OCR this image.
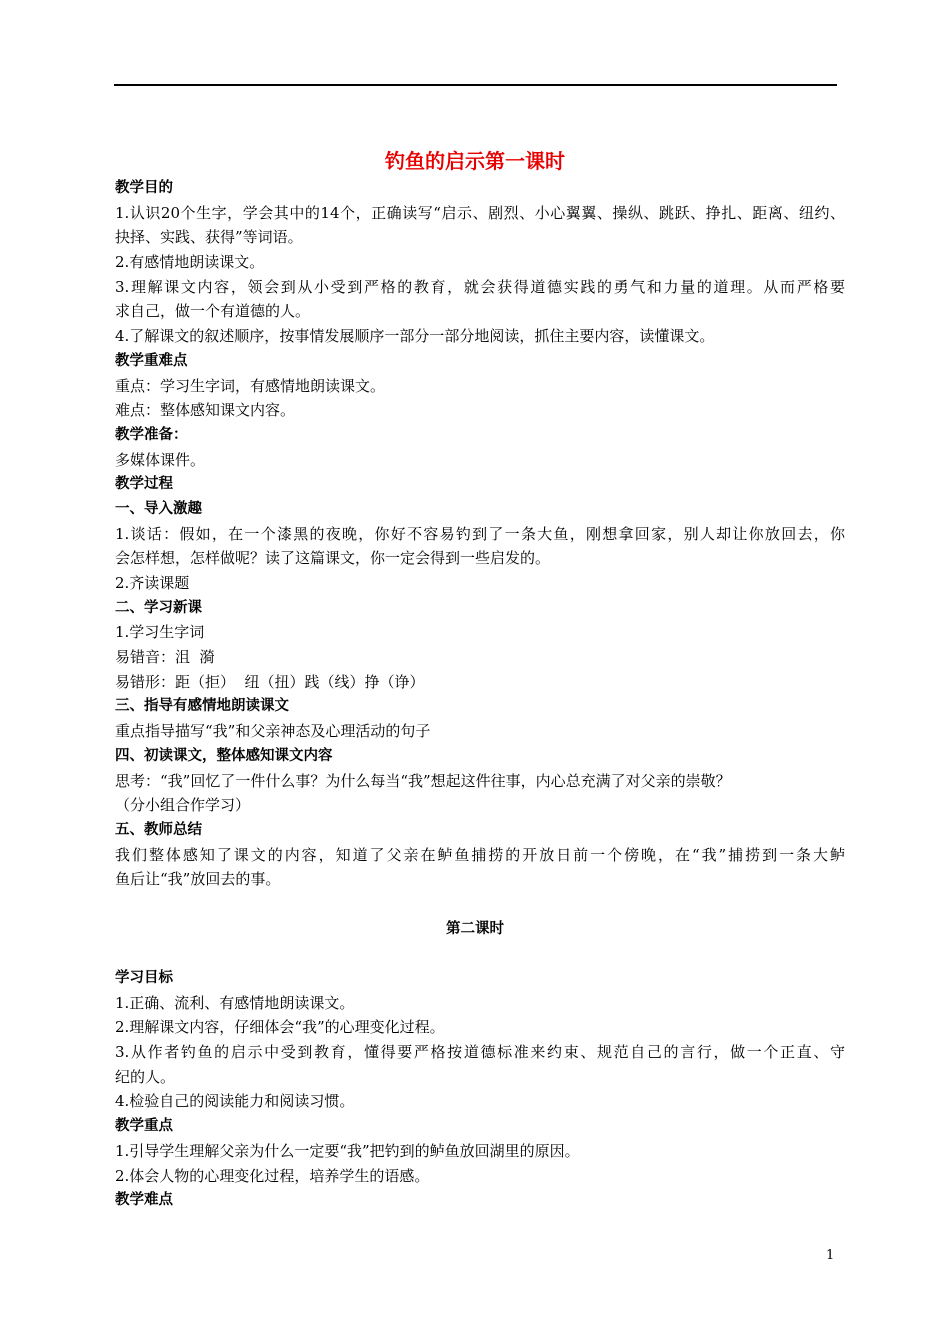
钓鱼的启示第一课时
教学目的
1.认识20个生字，学会其中的14个，正确读写“启示、剧烈、小心翼翼、操纵、跳跃、挣扎、距离、纽约、
抉择、实践、获得”等词语。
2.有感情地朗读课文。
3.理解课文内容，领会到从小受到严格的教育，就会获得道德实践的勇气和力量的道理。从而严格要
求自己，做一个有道德的人。
4.了解课文的叙述顺序，按事情发展顺序一部分一部分地阅读，抓住主要内容，读懂课文。
教学重难点
重点：学习生字词，有感情地朗读课文。
难点：整体感知课文内容。
教学准备：
多媒体课件。
教学过程
一、导入激趣
1.谈话：假如，在一个漆黑的夜晚，你好不容易钓到了一条大鱼，刚想拿回家，别人却让你放回去，你
会怎样想，怎样做呢？读了这篇课文，你一定会得到一些启发的。
2.齐读课题
二、学习新课
1.学习生字词
易错音：沮  漪
易错形：距（拒）  纽（扭）践（线）挣（诤）
三、指导有感情地朗读课文
重点指导描写“我”和父亲神态及心理活动的句子
四、初读课文，整体感知课文内容
思考：“我”回忆了一件什么事？为什么每当“我”想起这件往事，内心总充满了对父亲的崇敬？
（分小组合作学习）
五、教师总结
我们整体感知了课文的内容，知道了父亲在鲈鱼捕捞的开放日前一个傍晚，在“我”捕捞到一条大鲈
鱼后让“我”放回去的事。
第二课时
学习目标
1.正确、流利、有感情地朗读课文。
2.理解课文内容，仔细体会“我”的心理变化过程。
3.从作者钓鱼的启示中受到教育，懂得要严格按道德标准来约束、规范自己的言行，做一个正直、守
纪的人。
4.检验自己的阅读能力和阅读习惯。
教学重点
1.引导学生理解父亲为什么一定要“我”把钓到的鲈鱼放回湖里的原因。
2.体会人物的心理变化过程，培养学生的语感。
教学难点
1
